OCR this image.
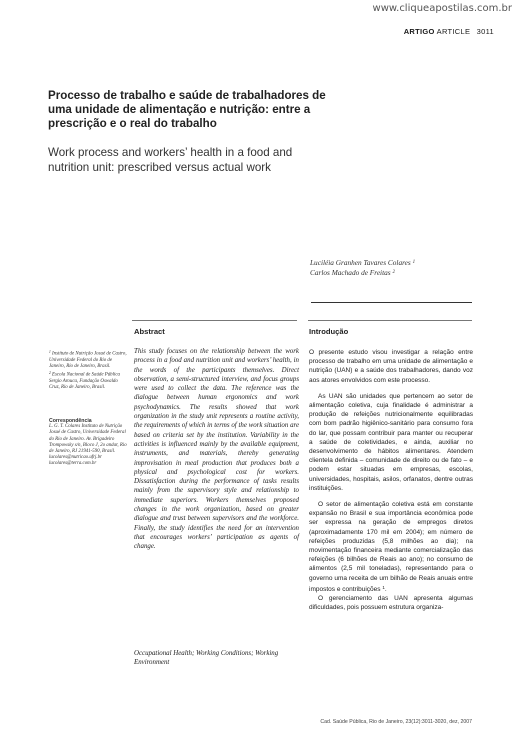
www.cliqueapostilas.com.br
ARTIGO ARTICLE 3011
Processo de trabalho e saúde de trabalhadores de uma unidade de alimentação e nutrição: entre a prescrição e o real do trabalho
Work process and workers’ health in a food and nutrition unit: prescribed versus actual work
Luciléia Granhen Tavares Colares $^1$
Carlos Machado de Freitas $^2$
Abstract	Introdução
$^1$ Instituto de Nutrição Josué de Castro, Universidade Federal do Rio de Janeiro, Rio de Janeiro, Brasil.
$^2$ Escola Nacional de Saúde Pública Sergio Arouca, Fundação Oswaldo Cruz, Rio de Janeiro, Brasil.
Correspondência
L. G. T. Colares Instituto de Nutrição Josué de Castro, Universidade Federal do Rio de Janeiro. Av. Brigadeiro Trompowsky s/n, Bloco J, 2o andar, Rio de Janeiro, RJ 21941-590, Brasil. lucolares@nutricao.ufrj.br lucolares@terra.com.br

This study focuses on the relationship between the work process in a food and nutrition unit and workers’ health, in the words of the participants themselves. Direct observation, a semi-structured interview, and focus groups were used to collect the data. The reference was the dialogue between human ergonomics and work psychodynamics. The results showed that work organization in the study unit represents a routine activity, the requirements of which in terms of the work situation are based on criteria set by the institution. Variability in the activities is influenced mainly by the available equipment, instruments, and materials, thereby generating improvisation in meal production that produces both a physical and psychological cost for workers. Dissatisfaction during the performance of tasks results mainly from the supervisory style and relationship to immediate superiors. Workers themselves proposed changes in the work organization, based on greater dialogue and trust between supervisors and the workforce. Finally, the study identifies the need for an intervention that encourages workers’ participation as agents of change.

Occupational Health; Working Conditions; Working Environment

O presente estudo visou investigar a relação entre processo de trabalho em uma unidade de alimentação e nutrição (UAN) e a saúde dos trabalhadores, dando voz aos atores envolvidos com este processo.

As UAN são unidades que pertencem ao setor de alimentação coletiva, cuja finalidade é administrar a produção de refeições nutricionalmente equilibradas com bom padrão higiênico-sanitário para consumo fora do lar, que possam contribuir para manter ou recuperar a saúde de coletividades, e ainda, auxiliar no desenvolvimento de hábitos alimentares. Atendem clientela definida – comunidade de direito ou de fato – e podem estar situadas em empresas, escolas, universidades, hospitais, asilos, orfanatos, dentre outras instituições.

O setor de alimentação coletiva está em constante expansão no Brasil e sua importância econômica pode ser expressa na geração de empregos diretos (aproximadamente 170 mil em 2004); em número de refeições produzidas (5,8 milhões ao dia); na movimentação financeira mediante comercialização das refeições (6 bilhões de Reais ao ano); no consumo de alimentos (2,5 mil toneladas), representando para o governo uma receita de um bilhão de Reais anuais entre impostos e contribuições $^1$.

O gerenciamento das UAN apresenta algumas dificuldades, pois possuem estrutura organiza-

Cad. Saúde Pública, Rio de Janeiro, 23(12):3011-3020, dez, 2007
